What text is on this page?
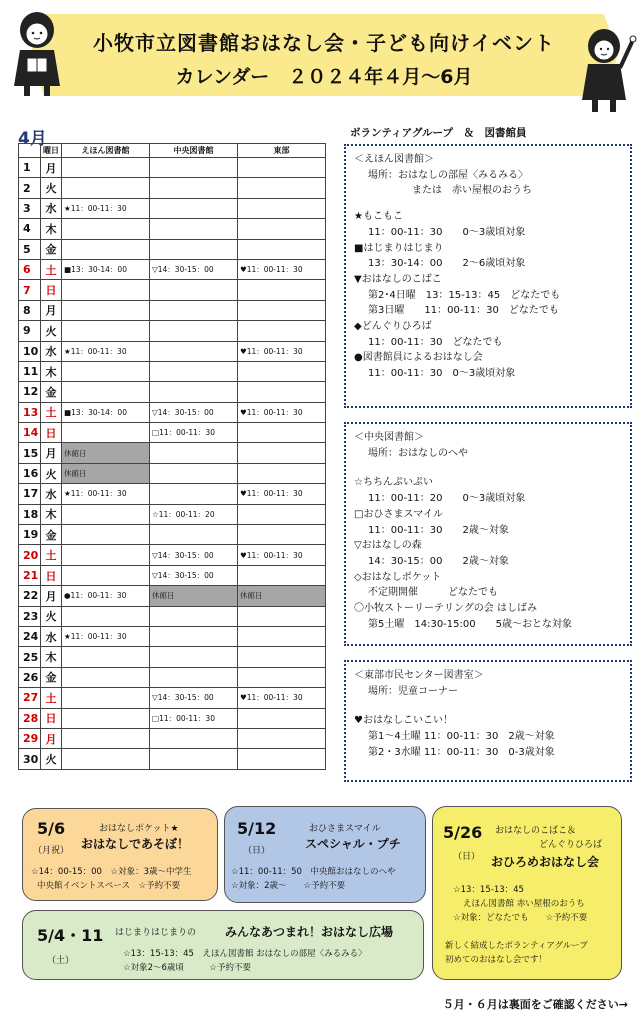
小牧市立図書館おはなし会・子ども向けイベント
カレンダー　２０２４年４月～6月
4月	ボランティアグループ　＆　図書館員
	曜日	えほん図書館	中央図書館	東部
1	月			
2	火			
3	水	★11：00-11：30		
4	木			
5	金			
6	土	■13：30-14：00	▽14：30-15：00	♥11：00-11：30
7	日			
8	月			
9	火			
10	水	★11：00-11：30		♥11：00-11：30
11	木			
12	金			
13	土	■13：30-14：00	▽14：30-15：00	♥11：00-11：30
14	日		□11：00-11：30	
15	月	休館日		
16	火	休館日		
17	水	★11：00-11：30		♥11：00-11：30
18	木		☆11：00-11：20	
19	金			
20	土		▽14：30-15：00	♥11：00-11：30
21	日		▽14：30-15：00	
22	月	●11：00-11：30	休館日	休館日
23	火			
24	水	★11：00-11：30		
25	木			
26	金			
27	土		▽14：30-15：00	♥11：00-11：30
28	日		□11：00-11：30	
29	月			
30	火			
＜えほん図書館＞
場所：おはなしの部屋〈みるみる〉
または　赤い屋根のおうち
★もこもこ
11：00-11：30　　0～3歳頃対象
■はじまりはじまり
13：30-14：00　　2～6歳頃対象
▼おはなしのこばこ
第2･4日曜　13：15-13：45　どなたでも
第3日曜　　11：00-11：30　どなたでも
◆どんぐりひろば
11：00-11：30　どなたでも
●図書館員によるおはなし会
11：00-11：30　0～3歳頃対象
＜中央図書館＞
場所：おはなしのへや
☆ちちんぷいぷい
11：00-11：20　　0～3歳頃対象
□おひさまスマイル
11：00-11：30　　2歳～対象
▽おはなしの森
14：30-15：00　　2歳～対象
◇おはなしポケット
不定期開催　　　どなたでも
〇小牧ストーリーテリングの会 はしばみ
第5土曜　14:30-15:00　　5歳～おとな対象
＜東部市民センター図書室＞
場所：児童コーナー
♥おはなしこいこい！
第1～4土曜 11：00-11：30　2歳～対象
第2・3水曜 11：00-11：30　0-3歳対象
5/6
（月祝）
おはなしポケット★
おはなしであそぼ！
☆14：00-15：00　☆対象：3歳～中学生
中央館イベントスペース　☆予約不要
5/12
（日）
おひさまスマイル
スペシャル・プチ
☆11：00-11：50　中央館おはなしのへや
☆対象：2歳～　　☆予約不要
5/26
（日）
おはなしのこばこ＆
どんぐりひろば
おひろめおはなし会
☆13：15-13：45
えほん図書館 赤い屋根のおうち
☆対象：どなたでも　　☆予約不要
新しく結成したボランティアグループ
初めてのおはなし会です！
5/4・11
（土）
はじまりはじまりの みんなあつまれ！おはなし広場
☆13：15-13：45　えほん図書館 おはなしの部屋〈みるみる〉
☆対象2～6歳頃　　　☆予約不要
５月・６月は裏面をご確認ください→
